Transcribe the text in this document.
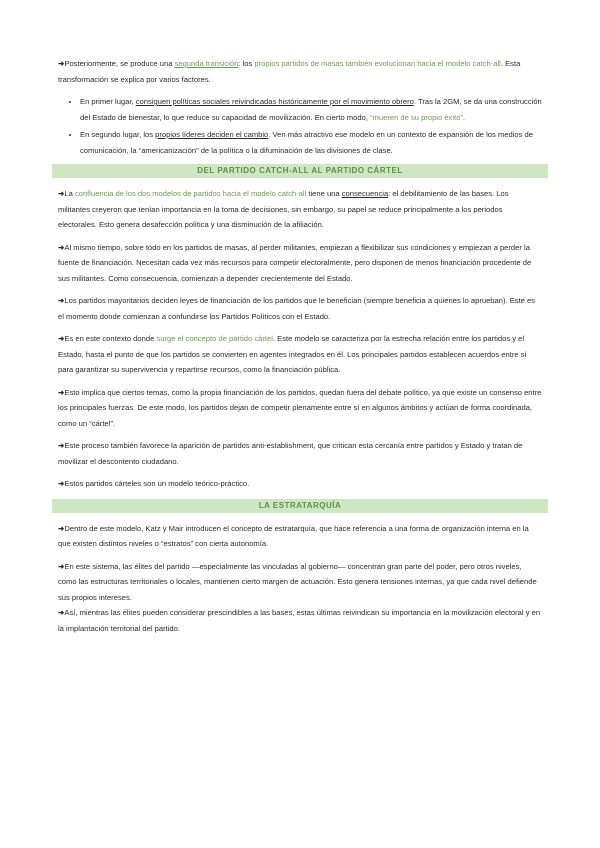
➜Posteriormente, se produce una segunda transición: los propios partidos de masas también evolucionan hacia el modelo catch-all. Esta transformación se explica por varios factores.

• En primer lugar, consiguen políticas sociales reivindicadas históricamente por el movimiento obrero. Tras la 2GM, se da una construcción del Estado de bienestar, lo que reduce su capacidad de movilización. En cierto modo, “mueren de su propio éxito”.
• En segundo lugar, los propios líderes deciden el cambio. Ven más atractivo ese modelo en un contexto de expansión de los medios de comunicación, la “americanización” de la política o la difuminación de las divisiones de clase.
DEL PARTIDO CATCH-ALL AL PARTIDO CÁRTEL

➜La confluencia de los dos modelos de partidos hacia el modelo catch-all tiene una consecuencia: el debilitamiento de las bases. Los militantes creyeron que tenían importancia en la toma de decisiones, sin embargo, su papel se reduce principalmente a los periodos electorales. Esto genera desafección política y una disminución de la afiliación.

➜Al mismo tiempo, sobre todo en los partidos de masas, al perder militantes, empiezan a flexibilizar sus condiciones y empiezan a perder la fuente de financiación. Necesitan cada vez más recursos para competir electoralmente, pero disponen de menos financiación procedente de sus militantes. Como consecuencia, comienzan a depender crecientemente del Estado.

➜Los partidos mayoritarios deciden leyes de financiación de los partidos que le benefician (siempre beneficia a quienes lo aprueban). Este es el momento donde comienzan a confundirse los Partidos Políticos con el Estado.

➜Es en este contexto donde surge el concepto de partido cártel. Este modelo se caracteriza por la estrecha relación entre los partidos y el Estado, hasta el punto de que los partidos se convierten en agentes integrados en él. Los principales partidos establecen acuerdos entre sí para garantizar su supervivencia y repartirse recursos, como la financiación pública.

➜Esto implica que ciertos temas, como la propia financiación de los partidos, quedan fuera del debate político, ya que existe un consenso entre los principales fuerzas. De este modo, los partidos dejan de competir plenamente entre sí en algunos ámbitos y actúan de forma coordinada, como un “cártel”.

➜Este proceso también favorece la aparición de partidos anti-establishment, que critican esta cercanía entre partidos y Estado y tratan de movilizar el descontento ciudadano.

➜Estos partidos cárteles son un modelo teórico-práctico.

LA ESTRATARQUÍA

➜Dentro de este modelo, Katz y Mair introducen el concepto de estratarquía, que hace referencia a una forma de organización interna en la que existen distintos niveles o “estratos” con cierta autonomía.

➜En este sistema, las élites del partido —especialmente las vinculadas al gobierno— concentran gran parte del poder, pero otros niveles, como las estructuras territoriales o locales, mantienen cierto margen de actuación. Esto genera tensiones internas, ya que cada nivel defiende sus propios intereses.

➜Así, mientras las élites pueden considerar prescindibles a las bases, estas últimas reivindican su importancia en la movilización electoral y en la implantación territorial del partido.
